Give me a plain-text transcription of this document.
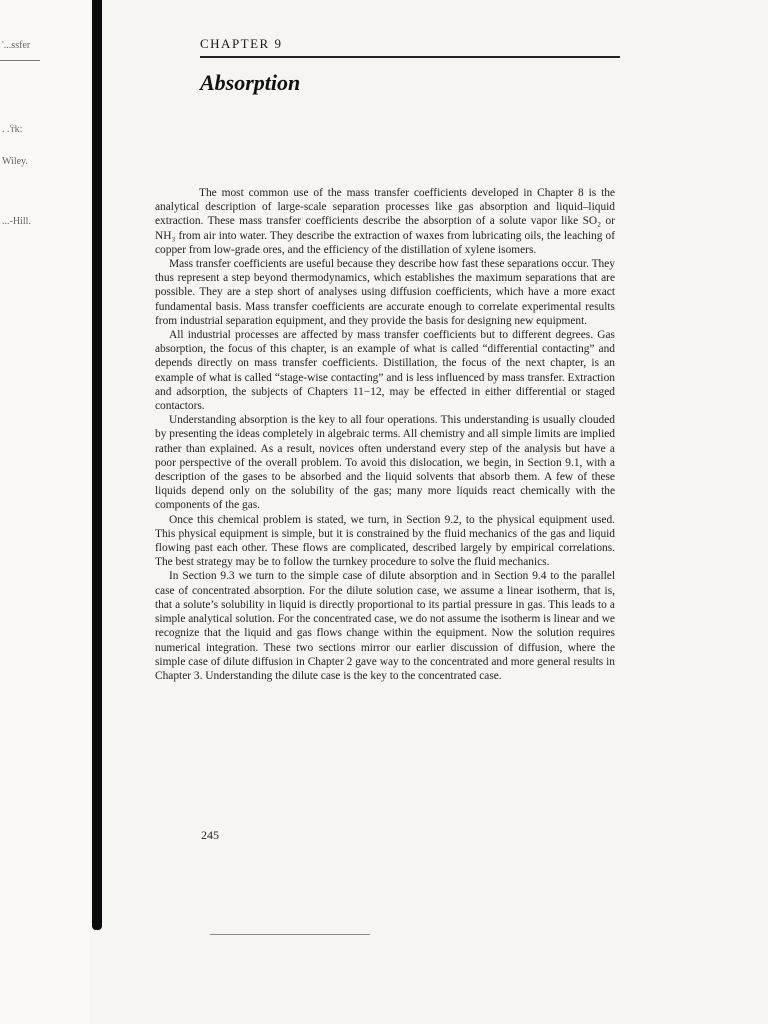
'...ssfer
. .'r̀k:
Wiley.
...-Hill.
CHAPTER 9
Absorption

The most common use of the mass transfer coefficients developed in Chapter 8 is the analytical description of large-scale separation processes like gas absorption and liquid–liquid extraction. These mass transfer coefficients describe the absorption of a solute vapor like SO₂ or NH₃ from air into water. They describe the extraction of waxes from lubricating oils, the leaching of copper from low-grade ores, and the efficiency of the distillation of xylene isomers.

Mass transfer coefficients are useful because they describe how fast these separations occur. They thus represent a step beyond thermodynamics, which establishes the maximum separations that are possible. They are a step short of analyses using diffusion coefficients, which have a more exact fundamental basis. Mass transfer coefficients are accurate enough to correlate experimental results from industrial separation equipment, and they provide the basis for designing new equipment.

All industrial processes are affected by mass transfer coefficients but to different degrees. Gas absorption, the focus of this chapter, is an example of what is called “differential contacting” and depends directly on mass transfer coefficients. Distillation, the focus of the next chapter, is an example of what is called “stage-wise contacting” and is less influenced by mass transfer. Extraction and adsorption, the subjects of Chapters 11−12, may be effected in either differential or staged contactors.

Understanding absorption is the key to all four operations. This understanding is usually clouded by presenting the ideas completely in algebraic terms. All chemistry and all simple limits are implied rather than explained. As a result, novices often understand every step of the analysis but have a poor perspective of the overall problem. To avoid this dislocation, we begin, in Section 9.1, with a description of the gases to be absorbed and the liquid solvents that absorb them. A few of these liquids depend only on the solubility of the gas; many more liquids react chemically with the components of the gas.

Once this chemical problem is stated, we turn, in Section 9.2, to the physical equipment used. This physical equipment is simple, but it is constrained by the fluid mechanics of the gas and liquid flowing past each other. These flows are complicated, described largely by empirical correlations. The best strategy may be to follow the turnkey procedure to solve the fluid mechanics.

In Section 9.3 we turn to the simple case of dilute absorption and in Section 9.4 to the parallel case of concentrated absorption. For the dilute solution case, we assume a linear isotherm, that is, that a solute’s solubility in liquid is directly proportional to its partial pressure in gas. This leads to a simple analytical solution. For the concentrated case, we do not assume the isotherm is linear and we recognize that the liquid and gas flows change within the equipment. Now the solution requires numerical integration. These two sections mirror our earlier discussion of diffusion, where the simple case of dilute diffusion in Chapter 2 gave way to the concentrated and more general results in Chapter 3. Understanding the dilute case is the key to the concentrated case.

245
